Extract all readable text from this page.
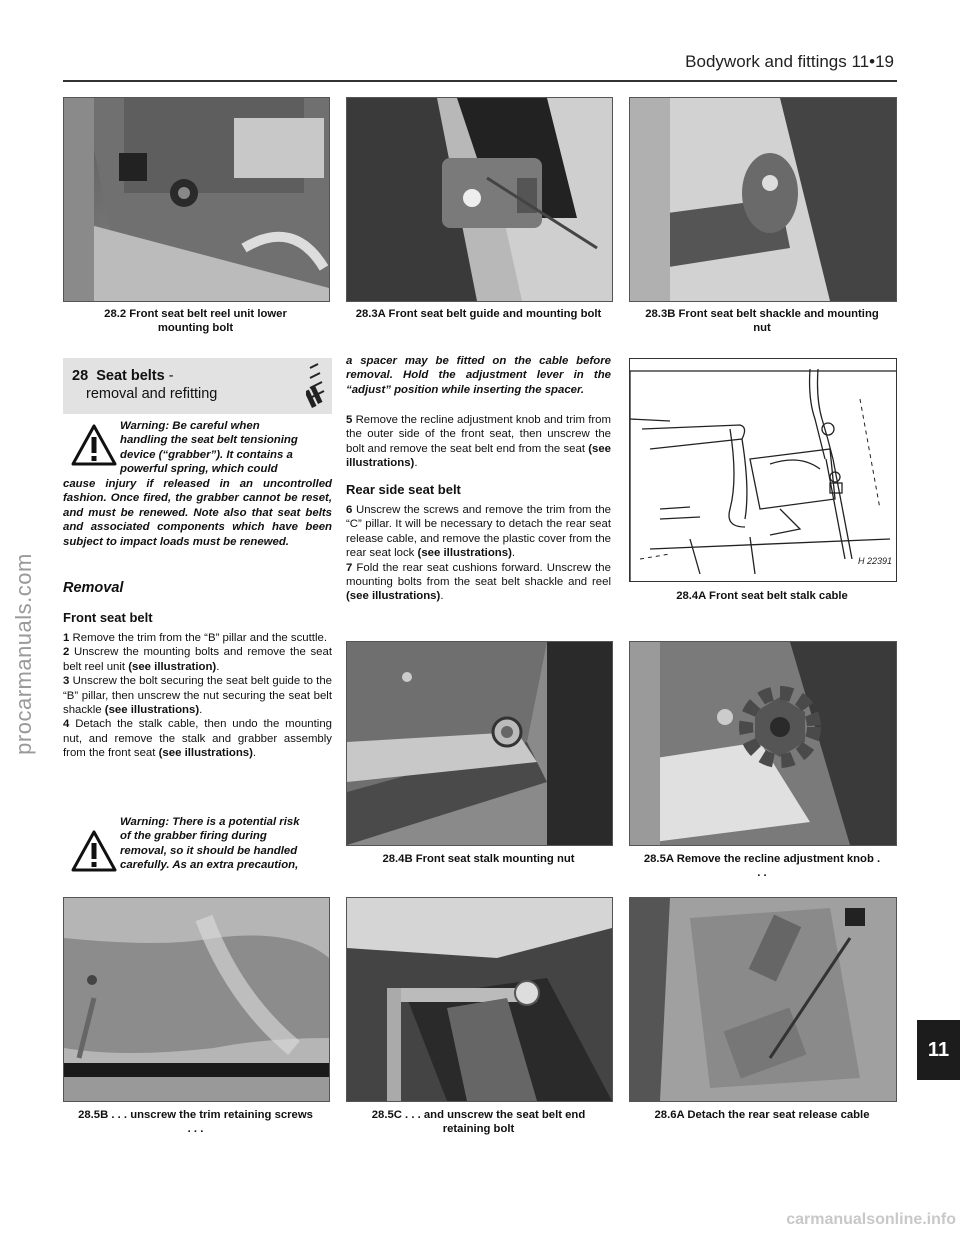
Bodywork and fittings 11•19
28.2 Front seat belt reel unit lower mounting bolt
28.3A Front seat belt guide and mounting bolt	28.3B Front seat belt shackle and mounting nut
28 Seat belts -
removal and refitting
Warning: Be careful when
handling the seat belt tensioning
device (“grabber”). It contains a
powerful spring, which could
cause injury if released in an uncontrolled fashion. Once fired, the grabber cannot be reset, and must be renewed. Note also that seat belts and associated components which have been subject to impact loads must be renewed.
Removal
Front seat belt
1 Remove the trim from the “B” pillar and the scuttle.
2 Unscrew the mounting bolts and remove the seat belt reel unit (see illustration).
3 Unscrew the bolt securing the seat belt guide to the “B” pillar, then unscrew the nut securing the seat belt shackle (see illustrations).
4 Detach the stalk cable, then undo the mounting nut, and remove the stalk and grabber assembly from the front seat (see illustrations).
Warning: There is a potential risk
of the grabber firing during
removal, so it should be handled
carefully. As an extra precaution,
a spacer may be fitted on the cable before removal. Hold the adjustment lever in the “adjust” position while inserting the spacer.
5 Remove the recline adjustment knob and trim from the outer side of the front seat, then unscrew the bolt and remove the seat belt end from the seat (see illustrations).
Rear side seat belt
6 Unscrew the screws and remove the trim from the “C” pillar. It will be necessary to detach the rear seat release cable, and remove the plastic cover from the rear seat lock (see illustrations).
7 Fold the rear seat cushions forward. Unscrew the mounting bolts from the seat belt shackle and reel (see illustrations).
H 22391
28.4A Front seat belt stalk cable
28.4B Front seat stalk mounting nut	28.5A Remove the recline adjustment knob . . .
28.5B . . . unscrew the trim retaining screws . . .
28.5C . . . and unscrew the seat belt end retaining bolt
28.6A Detach the rear seat release cable
11
procarmanuals.com
carmanualsonline.info
